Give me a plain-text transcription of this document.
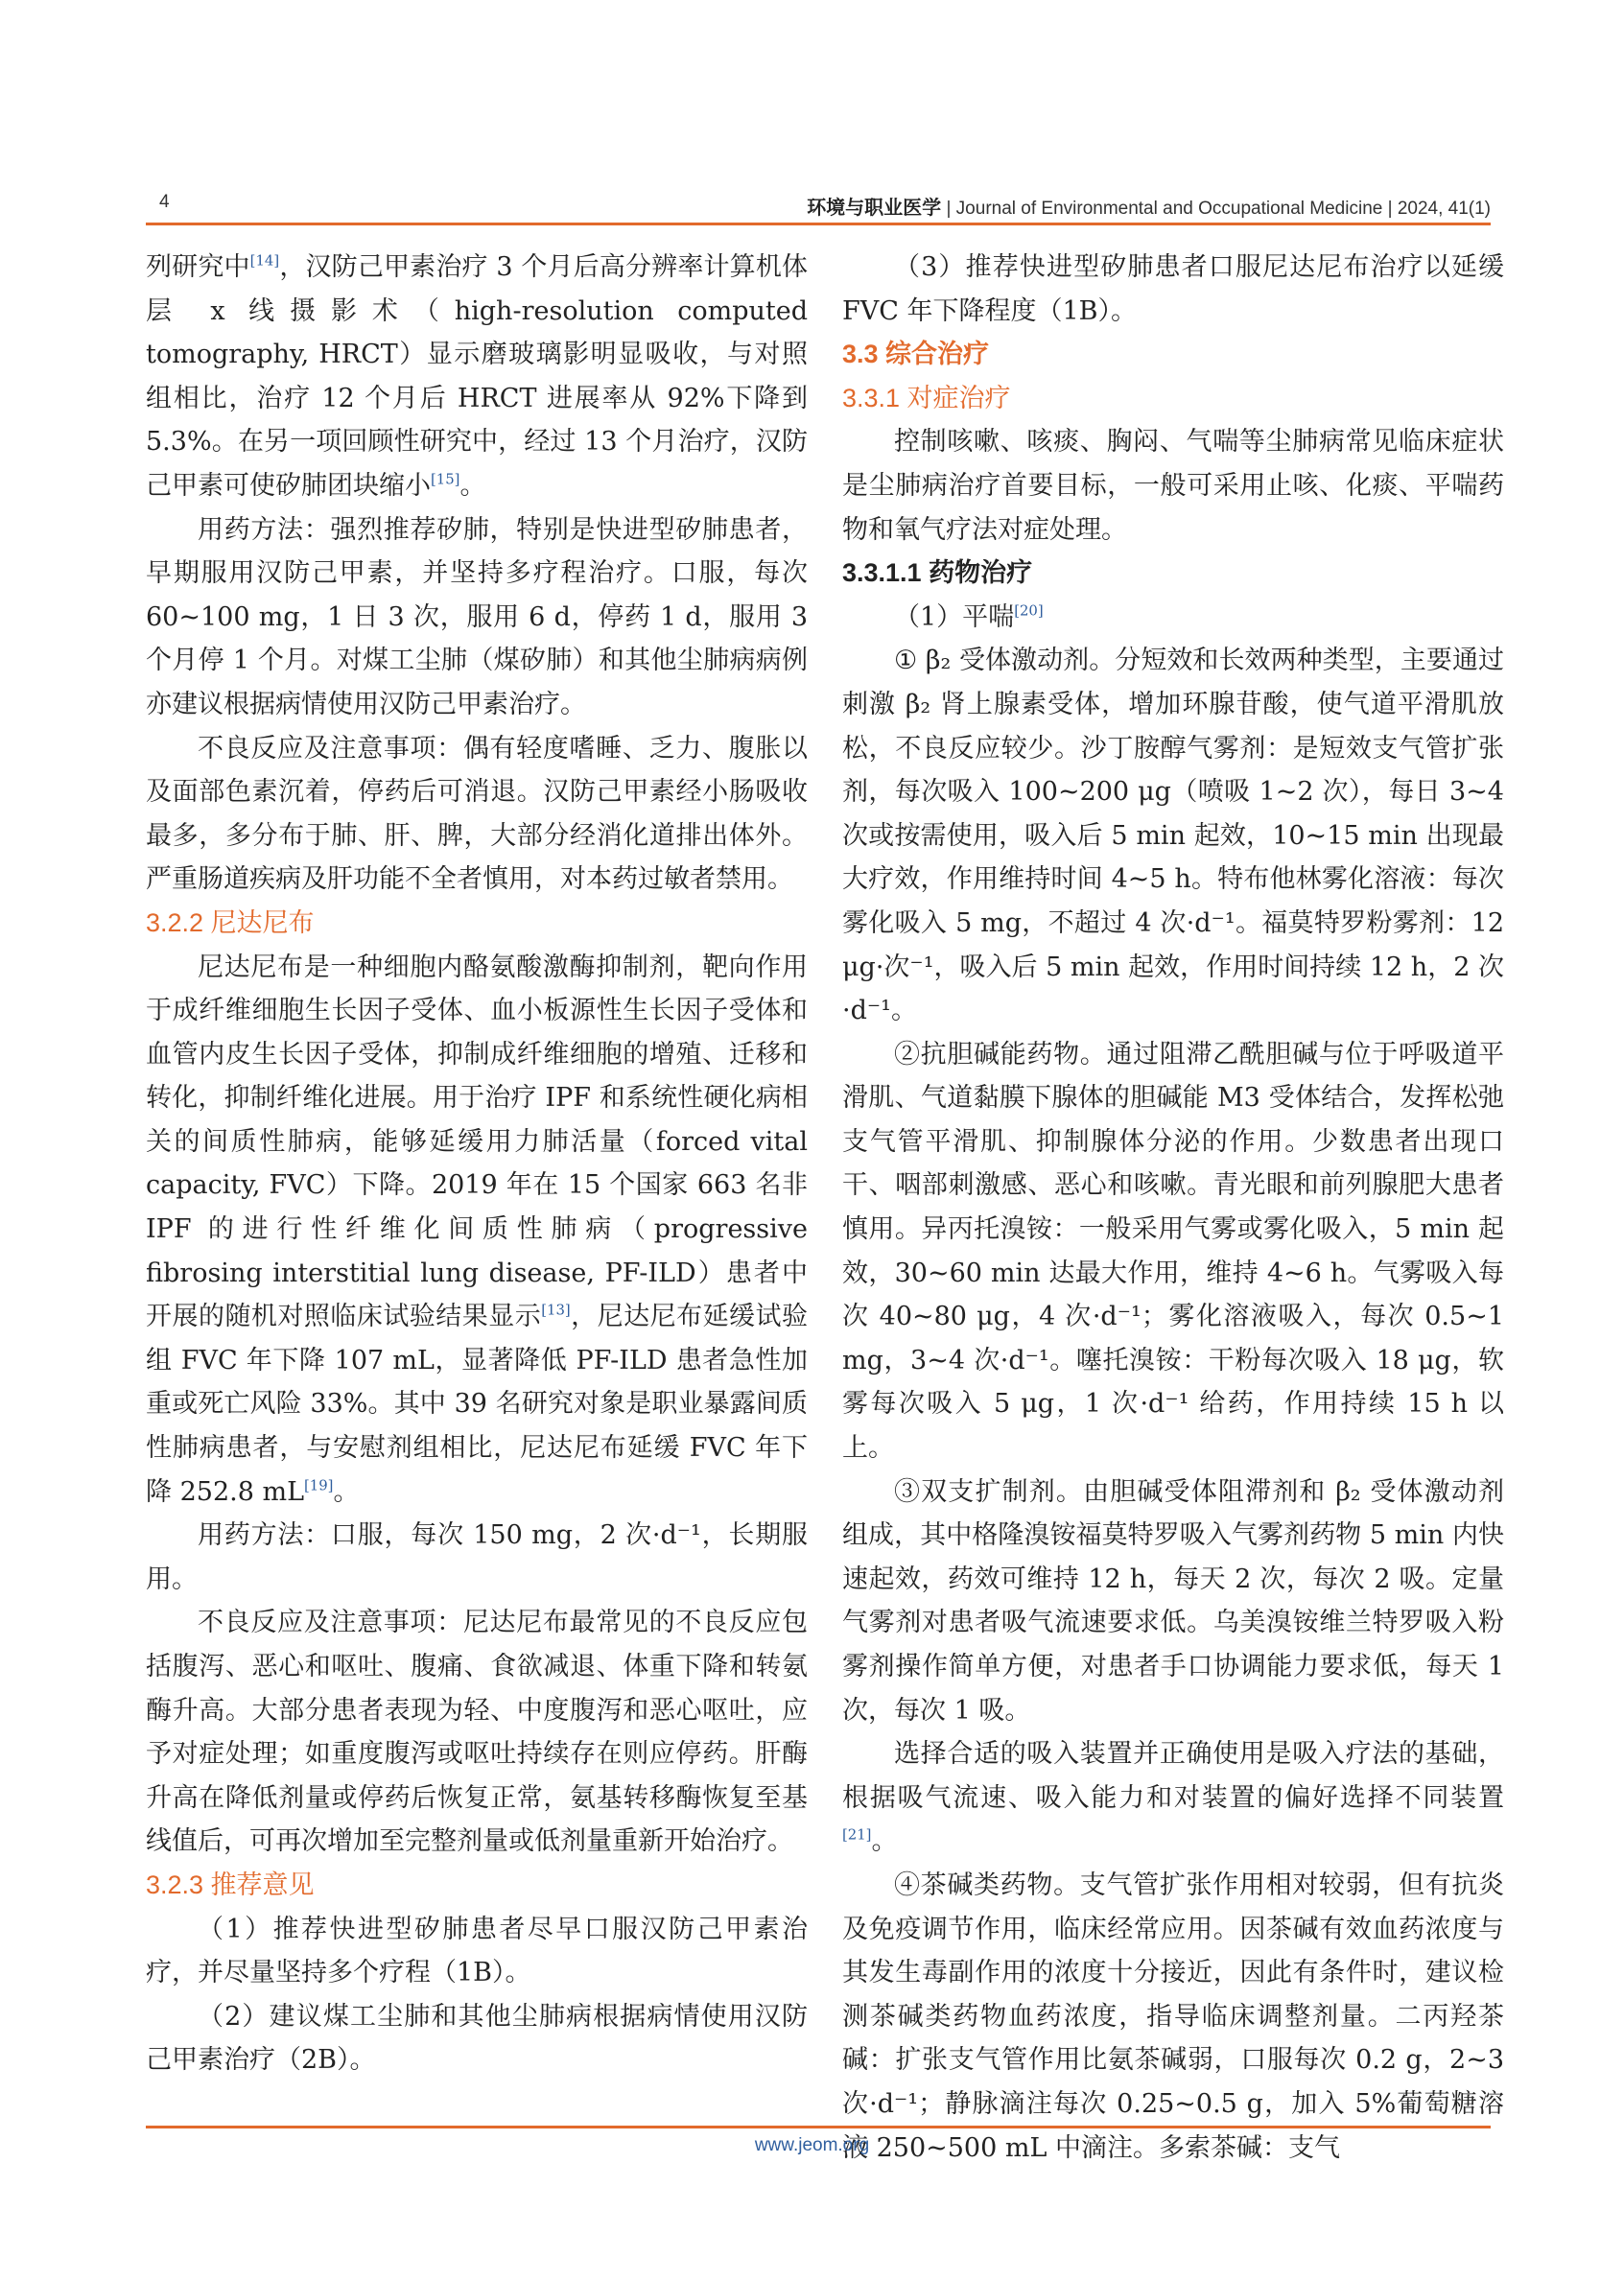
4	环境与职业医学 | Journal of Environmental and Occupational Medicine | 2024, 41(1)

列研究中[14]，汉防己甲素治疗 3 个月后高分辨率计算机体层 x 线摄影术（high-resolution computed tomography, HRCT）显示磨玻璃影明显吸收，与对照组相比，治疗 12 个月后 HRCT 进展率从 92%下降到 5.3%。在另一项回顾性研究中，经过 13 个月治疗，汉防己甲素可使矽肺团块缩小[15]。

用药方法：强烈推荐矽肺，特别是快进型矽肺患者，早期服用汉防己甲素，并坚持多疗程治疗。口服，每次 60~100 mg，1 日 3 次，服用 6 d，停药 1 d，服用 3 个月停 1 个月。对煤工尘肺（煤矽肺）和其他尘肺病病例亦建议根据病情使用汉防己甲素治疗。

不良反应及注意事项：偶有轻度嗜睡、乏力、腹胀以及面部色素沉着，停药后可消退。汉防己甲素经小肠吸收最多，多分布于肺、肝、脾，大部分经消化道排出体外。严重肠道疾病及肝功能不全者慎用，对本药过敏者禁用。

3.2.2 尼达尼布

尼达尼布是一种细胞内酪氨酸激酶抑制剂，靶向作用于成纤维细胞生长因子受体、血小板源性生长因子受体和血管内皮生长因子受体，抑制成纤维细胞的增殖、迁移和转化，抑制纤维化进展。用于治疗 IPF 和系统性硬化病相关的间质性肺病，能够延缓用力肺活量（forced vital capacity, FVC）下降。2019 年在 15 个国家 663 名非 IPF 的进行性纤维化间质性肺病（progressive fibrosing interstitial lung disease, PF-ILD）患者中开展的随机对照临床试验结果显示[13]，尼达尼布延缓试验组 FVC 年下降 107 mL，显著降低 PF-ILD 患者急性加重或死亡风险 33%。其中 39 名研究对象是职业暴露间质性肺病患者，与安慰剂组相比，尼达尼布延缓 FVC 年下降 252.8 mL[19]。

用药方法：口服，每次 150 mg，2 次·d⁻¹，长期服用。

不良反应及注意事项：尼达尼布最常见的不良反应包括腹泻、恶心和呕吐、腹痛、食欲减退、体重下降和转氨酶升高。大部分患者表现为轻、中度腹泻和恶心呕吐，应予对症处理；如重度腹泻或呕吐持续存在则应停药。肝酶升高在降低剂量或停药后恢复正常，氨基转移酶恢复至基线值后，可再次增加至完整剂量或低剂量重新开始治疗。

3.2.3 推荐意见

（1）推荐快进型矽肺患者尽早口服汉防己甲素治疗，并尽量坚持多个疗程（1B）。

（2）建议煤工尘肺和其他尘肺病根据病情使用汉防己甲素治疗（2B）。

（3）推荐快进型矽肺患者口服尼达尼布治疗以延缓 FVC 年下降程度（1B）。

3.3 综合治疗

3.3.1 对症治疗

控制咳嗽、咳痰、胸闷、气喘等尘肺病常见临床症状是尘肺病治疗首要目标，一般可采用止咳、化痰、平喘药物和氧气疗法对症处理。

3.3.1.1 药物治疗

（1）平喘[20]

① β₂ 受体激动剂。分短效和长效两种类型，主要通过刺激 β₂ 肾上腺素受体，增加环腺苷酸，使气道平滑肌放松，不良反应较少。沙丁胺醇气雾剂：是短效支气管扩张剂，每次吸入 100~200 μg（喷吸 1~2 次），每日 3~4 次或按需使用，吸入后 5 min 起效，10~15 min 出现最大疗效，作用维持时间 4~5 h。特布他林雾化溶液：每次雾化吸入 5 mg，不超过 4 次·d⁻¹。福莫特罗粉雾剂：12 μg·次⁻¹，吸入后 5 min 起效，作用时间持续 12 h，2 次·d⁻¹。

②抗胆碱能药物。通过阻滞乙酰胆碱与位于呼吸道平滑肌、气道黏膜下腺体的胆碱能 M3 受体结合，发挥松弛支气管平滑肌、抑制腺体分泌的作用。少数患者出现口干、咽部刺激感、恶心和咳嗽。青光眼和前列腺肥大患者慎用。异丙托溴铵：一般采用气雾或雾化吸入，5 min 起效，30~60 min 达最大作用，维持 4~6 h。气雾吸入每次 40~80 μg，4 次·d⁻¹；雾化溶液吸入，每次 0.5~1 mg，3~4 次·d⁻¹。噻托溴铵：干粉每次吸入 18 μg，软雾每次吸入 5 μg，1 次·d⁻¹ 给药，作用持续 15 h 以上。

③双支扩制剂。由胆碱受体阻滞剂和 β₂ 受体激动剂组成，其中格隆溴铵福莫特罗吸入气雾剂药物 5 min 内快速起效，药效可维持 12 h，每天 2 次，每次 2 吸。定量气雾剂对患者吸气流速要求低。乌美溴铵维兰特罗吸入粉雾剂操作简单方便，对患者手口协调能力要求低，每天 1 次，每次 1 吸。

选择合适的吸入装置并正确使用是吸入疗法的基础，根据吸气流速、吸入能力和对装置的偏好选择不同装置[21]。

④茶碱类药物。支气管扩张作用相对较弱，但有抗炎及免疫调节作用，临床经常应用。因茶碱有效血药浓度与其发生毒副作用的浓度十分接近，因此有条件时，建议检测茶碱类药物血药浓度，指导临床调整剂量。二丙羟茶碱：扩张支气管作用比氨茶碱弱，口服每次 0.2 g，2~3 次·d⁻¹；静脉滴注每次 0.25~0.5 g，加入 5%葡萄糖溶液 250~500 mL 中滴注。多索茶碱：支气

www.jeom.org
